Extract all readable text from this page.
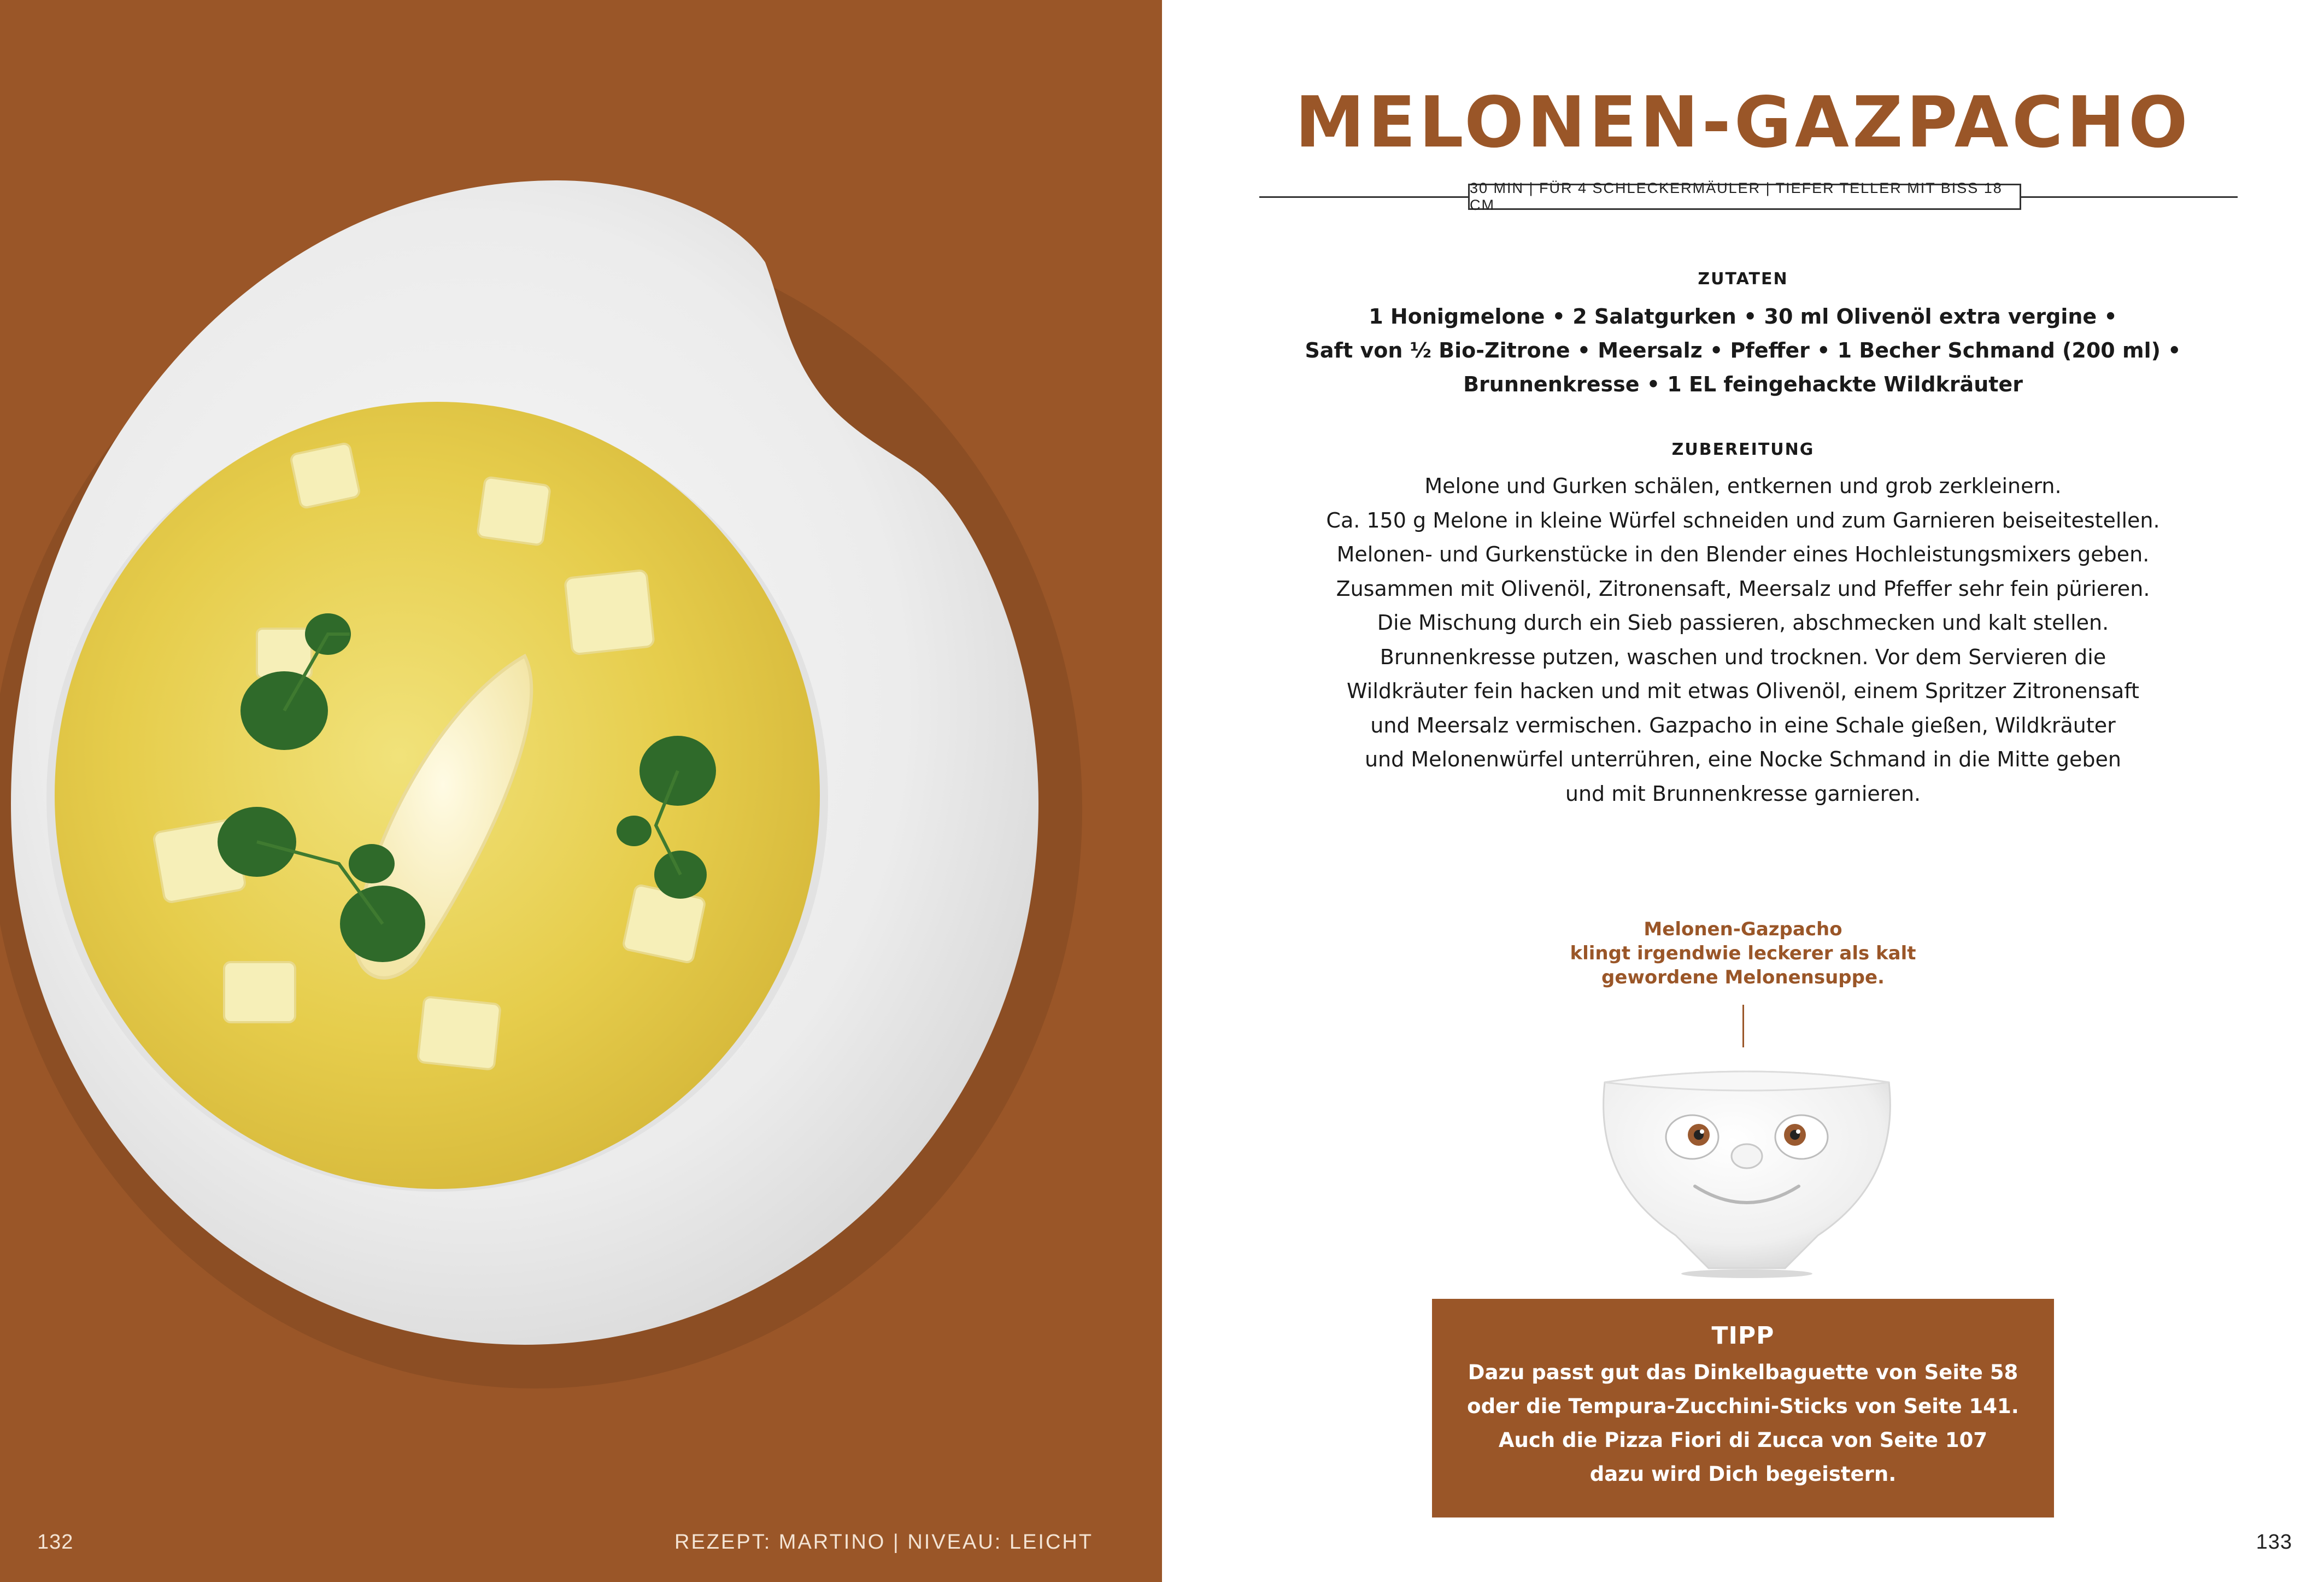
132	REZEPT: MARTINO | NIVEAU: LEICHT
MELONEN-GAZPACHO
30 MIN | FÜR 4 SCHLECKERMÄULER | TIEFER TELLER MIT BISS 18 CM
ZUTATEN
1 Honigmelone • 2 Salatgurken • 30 ml Olivenöl extra vergine •
Saft von ½ Bio-Zitrone • Meersalz • Pfeffer • 1 Becher Schmand (200 ml) •
Brunnenkresse • 1 EL feingehackte Wildkräuter
ZUBEREITUNG
Melone und Gurken schälen, entkernen und grob zerkleinern.
Ca. 150 g Melone in kleine Würfel schneiden und zum Garnieren beiseitestellen.
Melonen- und Gurkenstücke in den Blender eines Hochleistungsmixers geben.
Zusammen mit Olivenöl, Zitronensaft, Meersalz und Pfeffer sehr fein pürieren.
Die Mischung durch ein Sieb passieren, abschmecken und kalt stellen.
Brunnenkresse putzen, waschen und trocknen. Vor dem Servieren die
Wildkräuter fein hacken und mit etwas Olivenöl, einem Spritzer Zitronensaft
und Meersalz vermischen. Gazpacho in eine Schale gießen, Wildkräuter
und Melonenwürfel unterrühren, eine Nocke Schmand in die Mitte geben
und mit Brunnenkresse garnieren.
Melonen-Gazpacho
klingt irgendwie leckerer als kalt
gewordene Melonensuppe.
TIPP
Dazu passt gut das Dinkelbaguette von Seite 58
oder die Tempura-Zucchini-Sticks von Seite 141.
Auch die Pizza Fiori di Zucca von Seite 107
dazu wird Dich begeistern.
133
